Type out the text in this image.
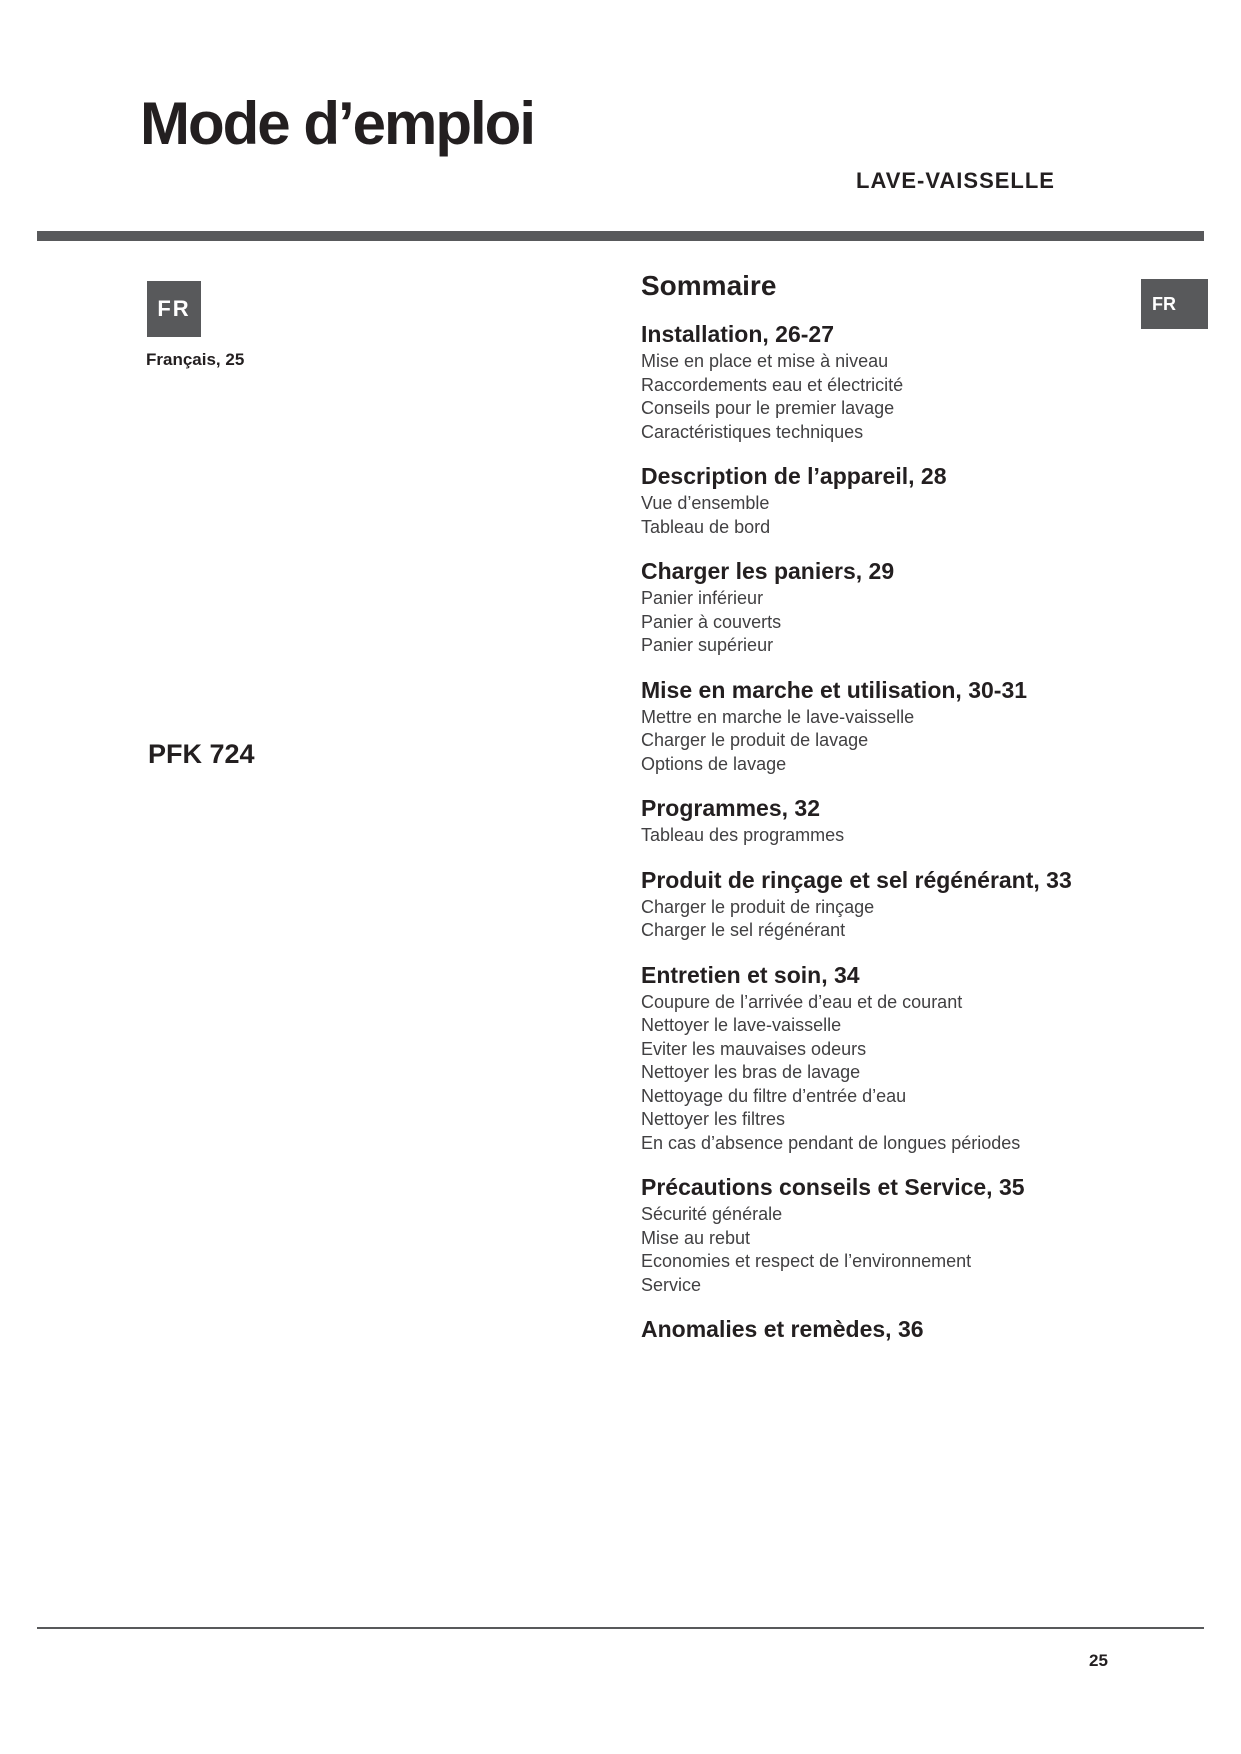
Mode d’emploi
LAVE-VAISSELLE
FR
Français, 25
PFK 724
FR
Sommaire
Installation, 26-27
Mise en place et mise à niveau
Raccordements eau et électricité
Conseils pour le premier lavage
Caractéristiques techniques
Description de l’appareil, 28
Vue d’ensemble
Tableau de bord
Charger les paniers, 29
Panier inférieur
Panier à couverts
Panier supérieur
Mise en marche et utilisation, 30-31
Mettre en marche le lave-vaisselle
Charger le produit de lavage
Options de lavage
Programmes, 32
Tableau des programmes
Produit de rinçage et sel régénérant, 33
Charger le produit de rinçage
Charger le sel régénérant
Entretien et soin, 34
Coupure de l’arrivée d’eau et de courant
Nettoyer le lave-vaisselle
Eviter les mauvaises odeurs
Nettoyer les bras de lavage
Nettoyage du filtre d’entrée d’eau
Nettoyer les filtres
En cas d’absence pendant de longues périodes
Précautions conseils et Service, 35
Sécurité générale
Mise au rebut
Economies et respect de l’environnement
Service
Anomalies et remèdes, 36
25
